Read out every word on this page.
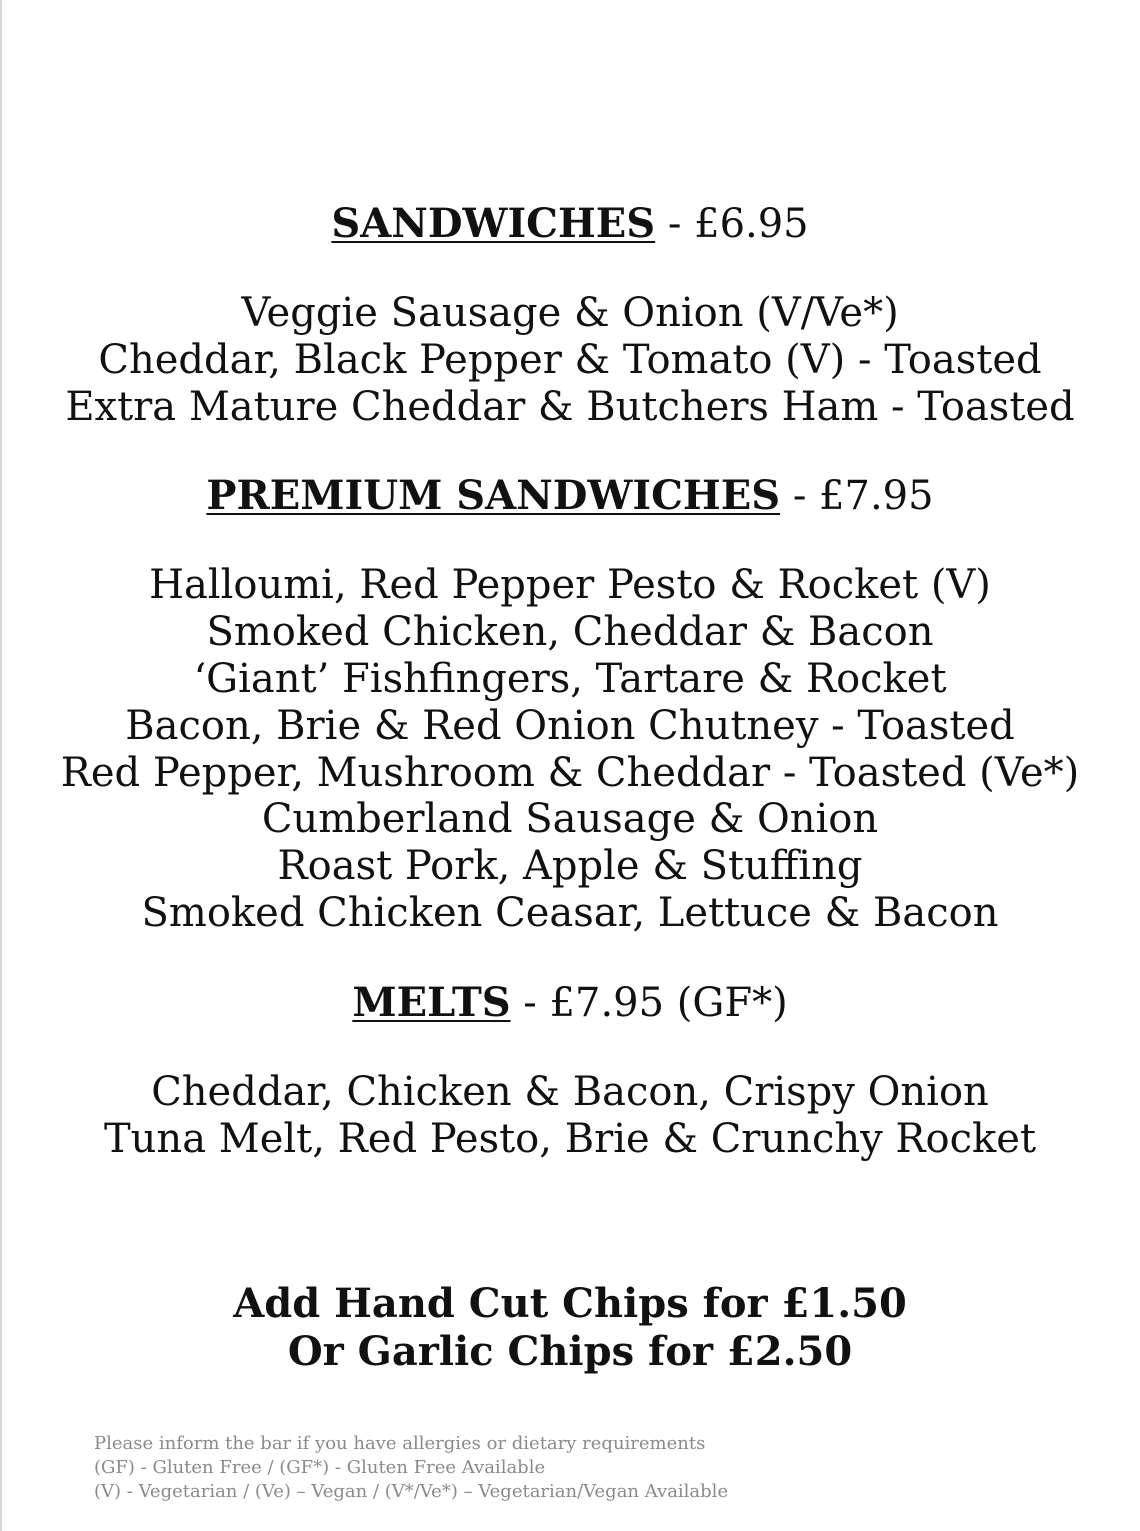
SANDWICHES - £6.95
Veggie Sausage & Onion (V/Ve*)
Cheddar, Black Pepper & Tomato (V) - Toasted
Extra Mature Cheddar & Butchers Ham - Toasted
PREMIUM SANDWICHES - £7.95
Halloumi, Red Pepper Pesto & Rocket (V)
Smoked Chicken, Cheddar & Bacon
‘Giant’ Fishfingers, Tartare & Rocket
Bacon, Brie & Red Onion Chutney - Toasted
Red Pepper, Mushroom & Cheddar - Toasted (Ve*)
Cumberland Sausage & Onion
Roast Pork, Apple & Stuffing
Smoked Chicken Ceasar, Lettuce & Bacon
MELTS - £7.95 (GF*)
Cheddar, Chicken & Bacon, Crispy Onion
Tuna Melt, Red Pesto, Brie & Crunchy Rocket
Add Hand Cut Chips for £1.50
Or Garlic Chips for £2.50
Please inform the bar if you have allergies or dietary requirements
(GF) - Gluten Free / (GF*) - Gluten Free Available
(V) - Vegetarian / (Ve) – Vegan / (V*/Ve*) – Vegetarian/Vegan Available
